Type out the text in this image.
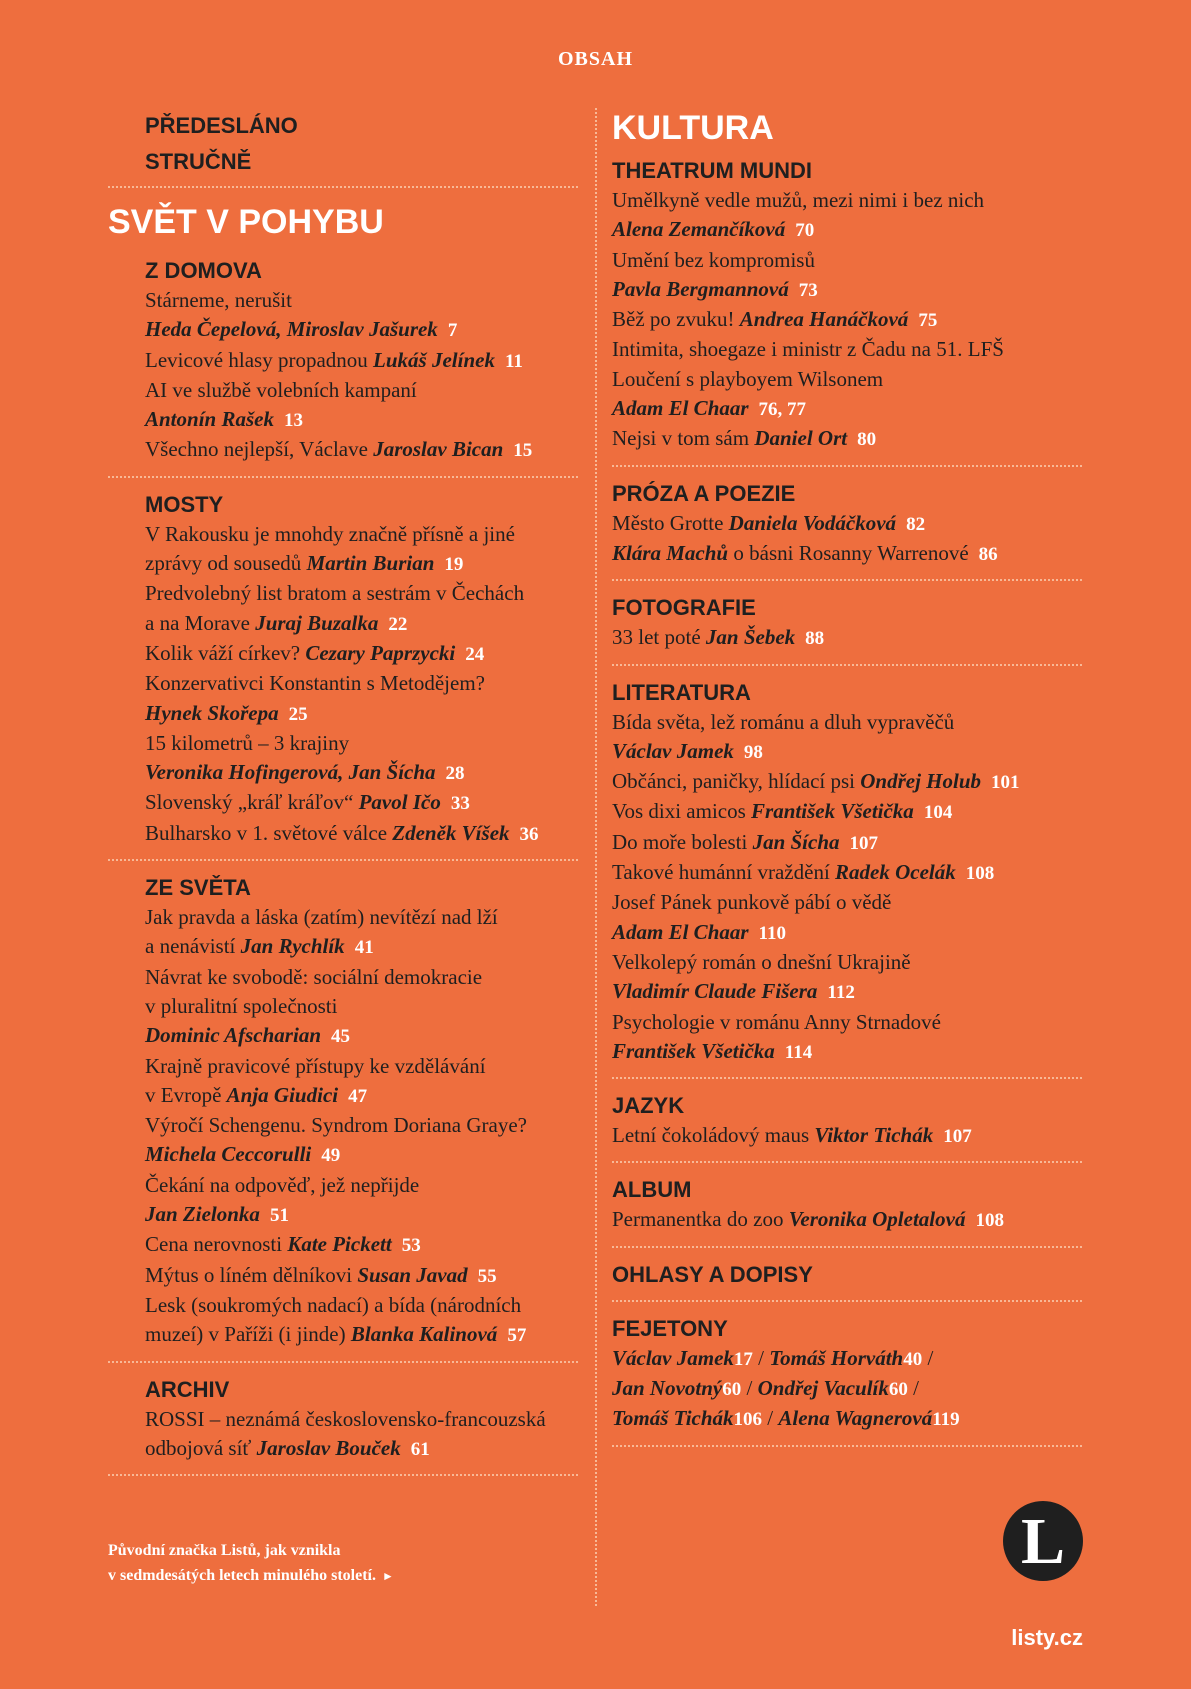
OBSAH
PŘEDESLÁNO
STRUČNĚ
SVĚT V POHYBU
Z DOMOVA
Stárneme, nerušit
Heda Čepelová, Miroslav Jašurek 7
Levicové hlasy propadnou Lukáš Jelínek 11
AI ve službě volebních kampaní
Antonín Rašek 13
Všechno nejlepší, Václave Jaroslav Bican 15
MOSTY
V Rakousku je mnohdy značně přísně a jiné
zprávy od sousedů Martin Burian 19
Predvolebný list bratom a sestrám v Čechách
a na Morave Juraj Buzalka 22
Kolik váží církev? Cezary Paprzycki 24
Konzervativci Konstantin s Metodějem?
Hynek Skořepa 25
15 kilometrů – 3 krajiny
Veronika Hofingerová, Jan Šícha 28
Slovenský „kráľ kráľov“ Pavol Ičo 33
Bulharsko v 1. světové válce Zdeněk Víšek 36
ZE SVĚTA
Jak pravda a láska (zatím) nevítězí nad lží
a nenávistí Jan Rychlík 41
Návrat ke svobodě: sociální demokracie
v pluralitní společnosti
Dominic Afscharian 45
Krajně pravicové přístupy ke vzdělávání
v Evropě Anja Giudici 47
Výročí Schengenu. Syndrom Doriana Graye?
Michela Ceccorulli 49
Čekání na odpověď, jež nepřijde
Jan Zielonka 51
Cena nerovnosti Kate Pickett 53
Mýtus o líném dělníkovi Susan Javad 55
Lesk (soukromých nadací) a bída (národních
muzeí) v Paříži (i jinde) Blanka Kalinová 57
ARCHIV
ROSSI – neznámá československo-francouzská
odbojová síť Jaroslav Bouček 61
KULTURA
THEATRUM MUNDI
Umělkyně vedle mužů, mezi nimi i bez nich
Alena Zemančíková 70
Umění bez kompromisů
Pavla Bergmannová 73
Běž po zvuku! Andrea Hanáčková 75
Intimita, shoegaze i ministr z Čadu na 51. LFŠ
Loučení s playboyem Wilsonem
Adam El Chaar 76, 77
Nejsi v tom sám Daniel Ort 80
PRÓZA A POEZIE
Město Grotte Daniela Vodáčková 82
Klára Machů o básni Rosanny Warrenové 86
FOTOGRAFIE
33 let poté Jan Šebek 88
LITERATURA
Bída světa, lež románu a dluh vypravěčů
Václav Jamek 98
Občánci, paničky, hlídací psi Ondřej Holub 101
Vos dixi amicos František Všetička 104
Do moře bolesti Jan Šícha 107
Takové humánní vraždění Radek Ocelák 108
Josef Pánek punkově pábí o vědě
Adam El Chaar 110
Velkolepý román o dnešní Ukrajině
Vladimír Claude Fišera 112
Psychologie v románu Anny Strnadové
František Všetička 114
JAZYK
Letní čokoládový maus Viktor Tichák 107
ALBUM
Permanentka do zoo Veronika Opletalová 108
OHLASY A DOPISY
FEJETONY
Václav Jamek17 / Tomáš Horváth40 /
Jan Novotný60 / Ondřej Vaculík60 /
Tomáš Tichák106 / Alena Wagnerová119
Původní značka Listů, jak vznikla
v sedmdesátých letech minulého století. ►	L
listy.cz
